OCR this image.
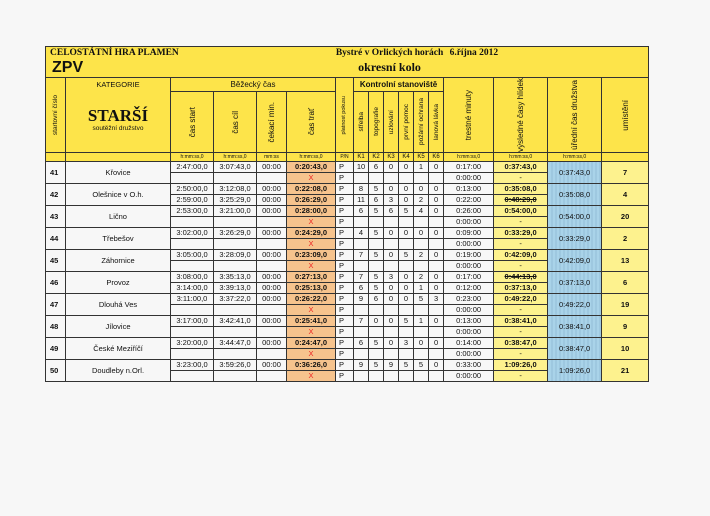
CELOSTÁTNÍ HRA PLAMEN						Bystré v Orlických horách							6.října 2012			
ZPV						okresní kolo										

startovní číslo	KATEGORIE	Běžecký čas				platnost pokusu	Kontrolní stanoviště						trestné minuty	výsledné časy hlídek	úřední čas družstva	umístění

	STARŠÍ
soutěžní družstvo	čas start	čas cíl	čekací min.	čas trať		střelba	topografie	uzlování	první pomoc	požární ochrana	lanová lávka				

		h:mm:ss,0	h:mm:ss,0	mm:ss	h:mm:ss,0	P/N	K1	K2	K3	K4	K5	K6	h:mm:ss,0	h:mm:ss,0	h:mm:ss,0	
41	Křovice	2:47:00,0	3:07:43,0	00:00	0:20:43,0	P	10	6	0	0	1	0	0:17:00	0:37:43,0	0:37:43,0	7
					X	P							0:00:00	-		
42	Olešnice v O.h.	2:50:00,0	3:12:08,0	00:00	0:22:08,0	P	8	5	0	0	0	0	0:13:00	0:35:08,0	0:35:08,0	4
		2:59:00,0	3:25:29,0	00:00	0:26:29,0	P	11	6	3	0	2	0	0:22:00	0:48:29,0		
43	Lično	2:53:00,0	3:21:00,0	00:00	0:28:00,0	P	6	5	6	5	4	0	0:26:00	0:54:00,0	0:54:00,0	20
					X	P							0:00:00	-		
44	Třebešov	3:02:00,0	3:26:29,0	00:00	0:24:29,0	P	4	5	0	0	0	0	0:09:00	0:33:29,0	0:33:29,0	2
					X	P							0:00:00	-		
45	Záhornice	3:05:00,0	3:28:09,0	00:00	0:23:09,0	P	7	5	0	5	2	0	0:19:00	0:42:09,0	0:42:09,0	13
					X	P							0:00:00	-		
46	Provoz	3:08:00,0	3:35:13,0	00:00	0:27:13,0	P	7	5	3	0	2	0	0:17:00	0:44:13,0	0:37:13,0	6
		3:14:00,0	3:39:13,0	00:00	0:25:13,0	P	6	5	0	0	1	0	0:12:00	0:37:13,0		
47	Dlouhá Ves	3:11:00,0	3:37:22,0	00:00	0:26:22,0	P	9	6	0	0	5	3	0:23:00	0:49:22,0	0:49:22,0	19
					X	P							0:00:00	-		
48	Jílovice	3:17:00,0	3:42:41,0	00:00	0:25:41,0	P	7	0	0	5	1	0	0:13:00	0:38:41,0	0:38:41,0	9
					X	P							0:00:00	-		
49	České Meziříčí	3:20:00,0	3:44:47,0	00:00	0:24:47,0	P	6	5	0	3	0	0	0:14:00	0:38:47,0	0:38:47,0	10
					X	P							0:00:00	-		
50	Doudleby n.Orl.	3:23:00,0	3:59:26,0	00:00	0:36:26,0	P	9	5	9	5	5	0	0:33:00	1:09:26,0	1:09:26,0	21
					X	P							0:00:00	-		
